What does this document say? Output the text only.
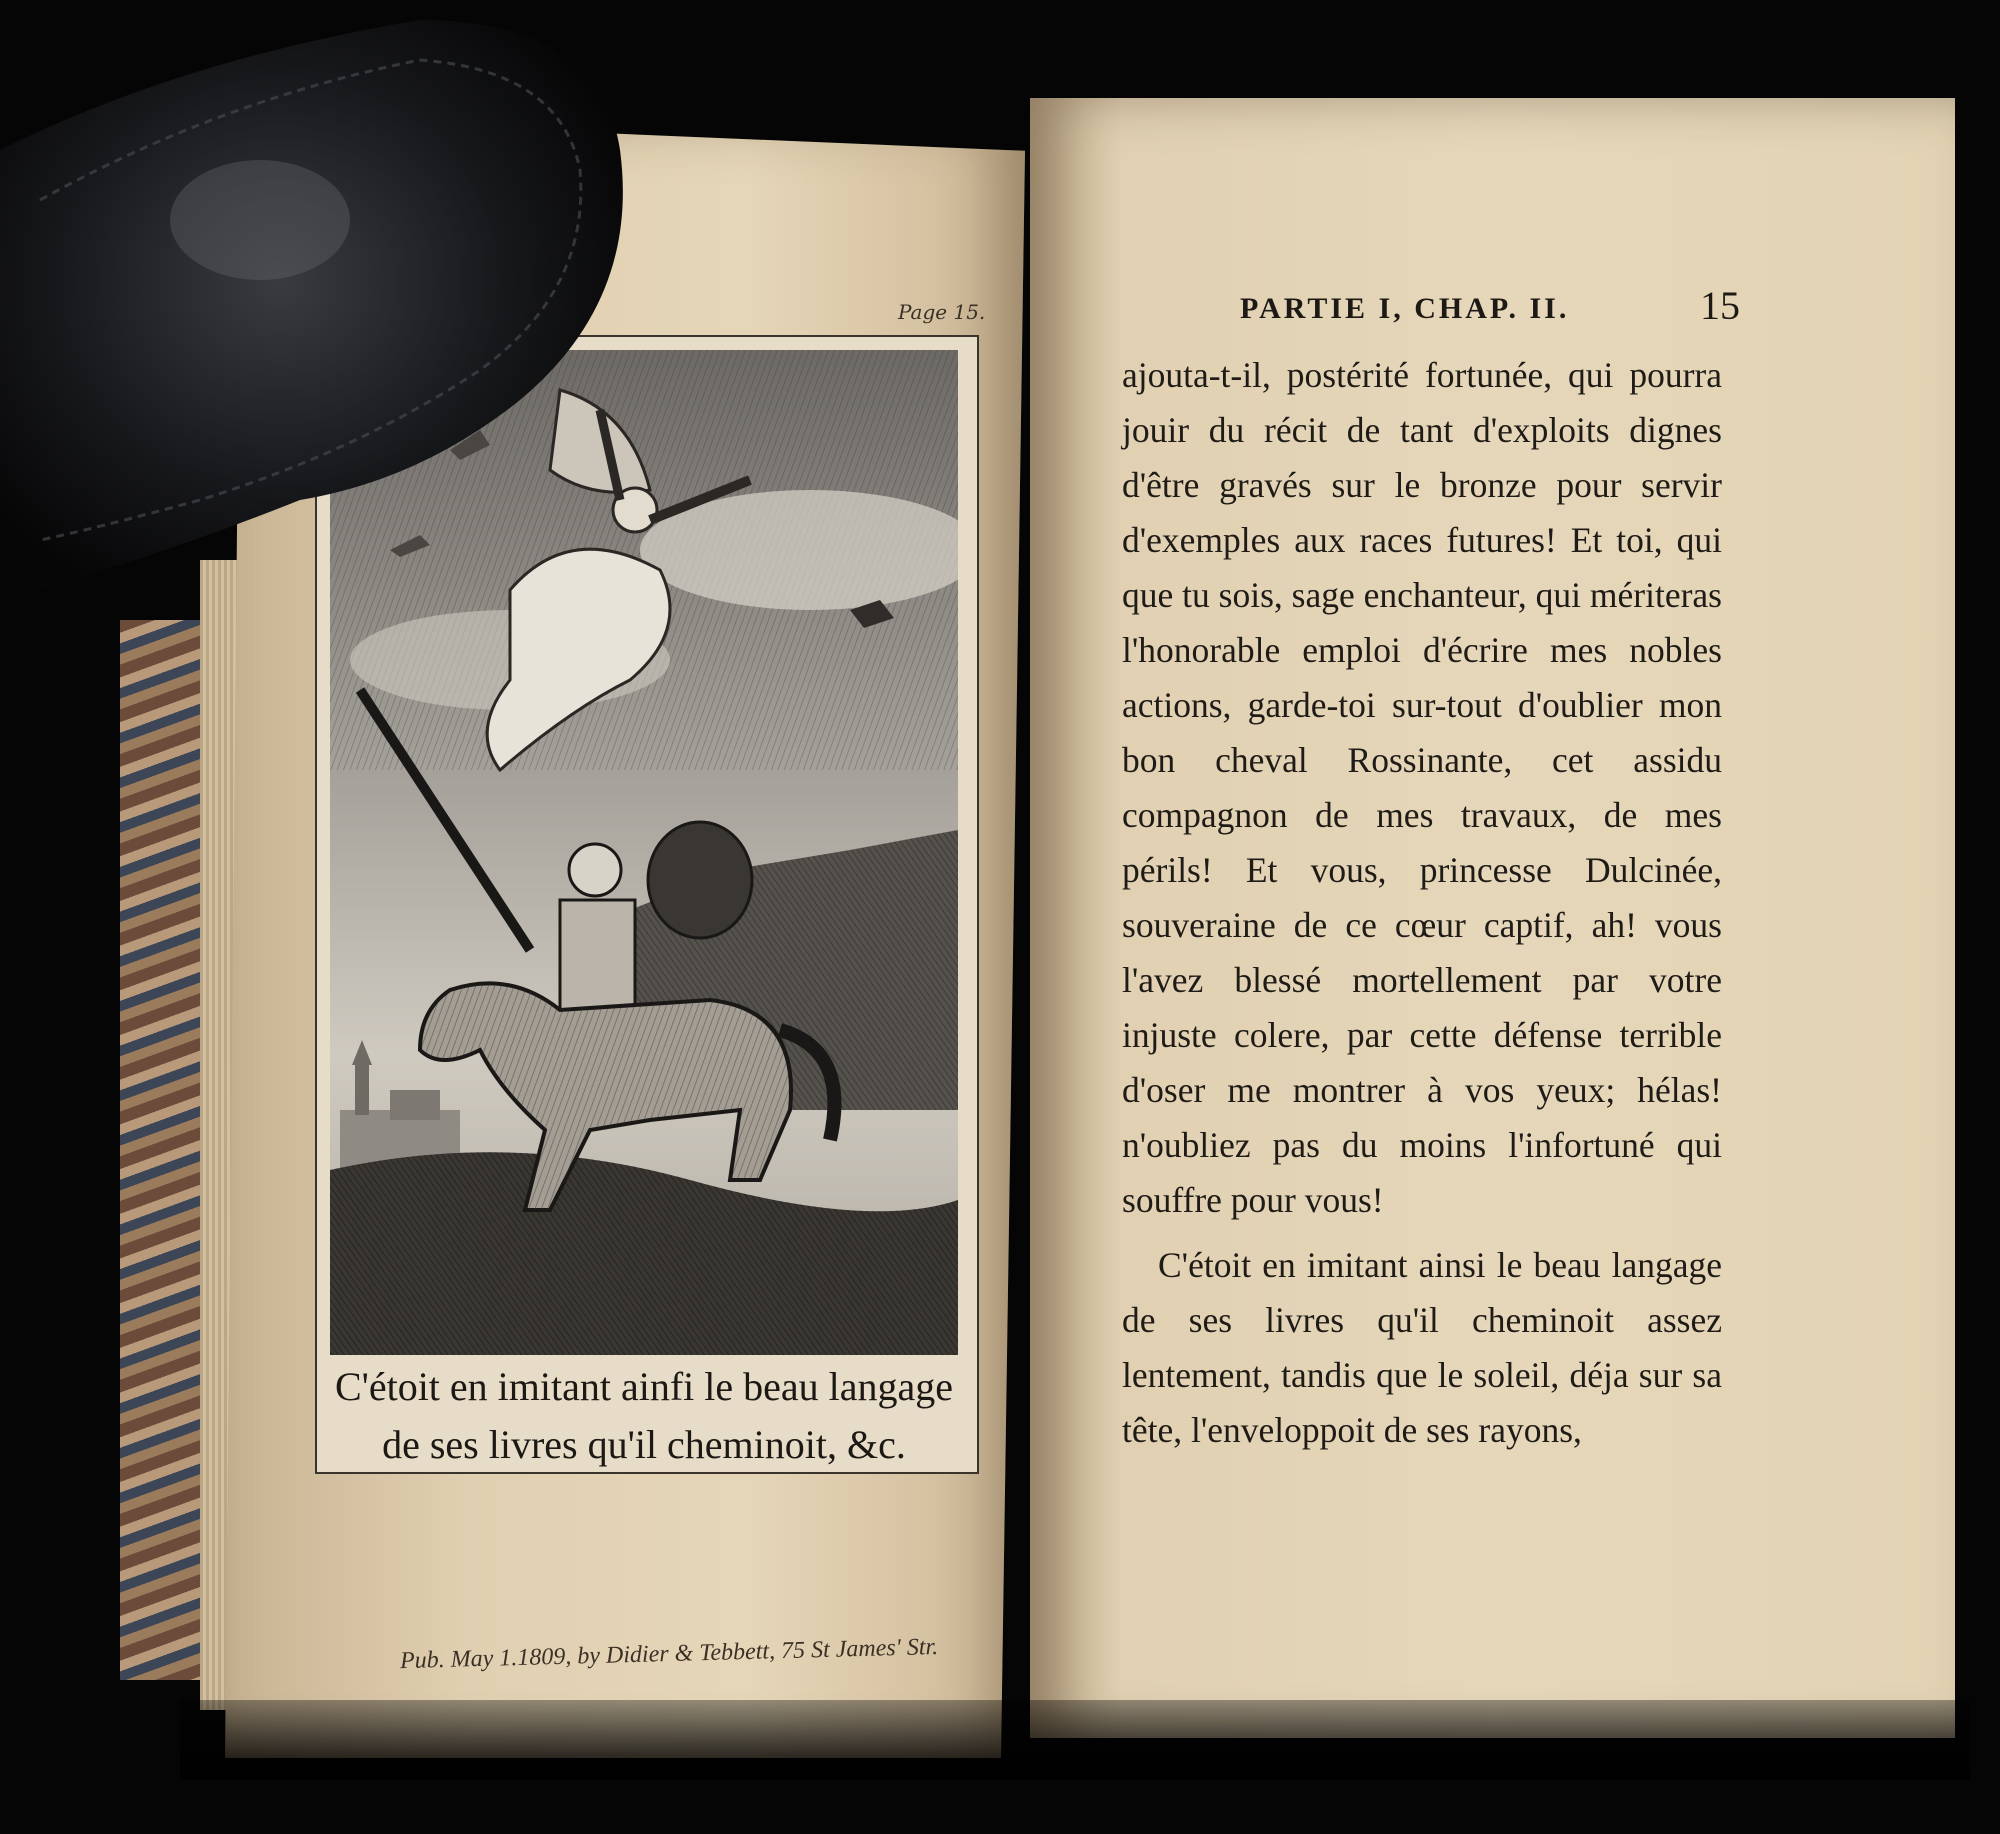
Page 15.
C'étoit en imitant ainfi le beau langage
de ses livres qu'il cheminoit, &c.
Pub. May 1.1809, by Didier & Tebbett, 75 St James' Str.
PARTIE I, CHAP. II.	15

ajouta-t-il, postérité fortunée, qui pourra jouir du récit de tant d'exploits dignes d'être gravés sur le bronze pour servir d'exemples aux races futures! Et toi, qui que tu sois, sage enchanteur, qui mériteras l'honorable emploi d'écrire mes nobles actions, garde-toi sur-tout d'oublier mon bon cheval Rossinante, cet assidu compagnon de mes travaux, de mes périls! Et vous, princesse Dulcinée, souveraine de ce cœur captif, ah! vous l'avez blessé mortellement par votre injuste colere, par cette défense terrible d'oser me montrer à vos yeux; hélas! n'oubliez pas du moins l'infortuné qui souffre pour vous!

C'étoit en imitant ainsi le beau langage de ses livres qu'il cheminoit assez lentement, tandis que le soleil, déja sur sa tête, l'enveloppoit de ses rayons,
